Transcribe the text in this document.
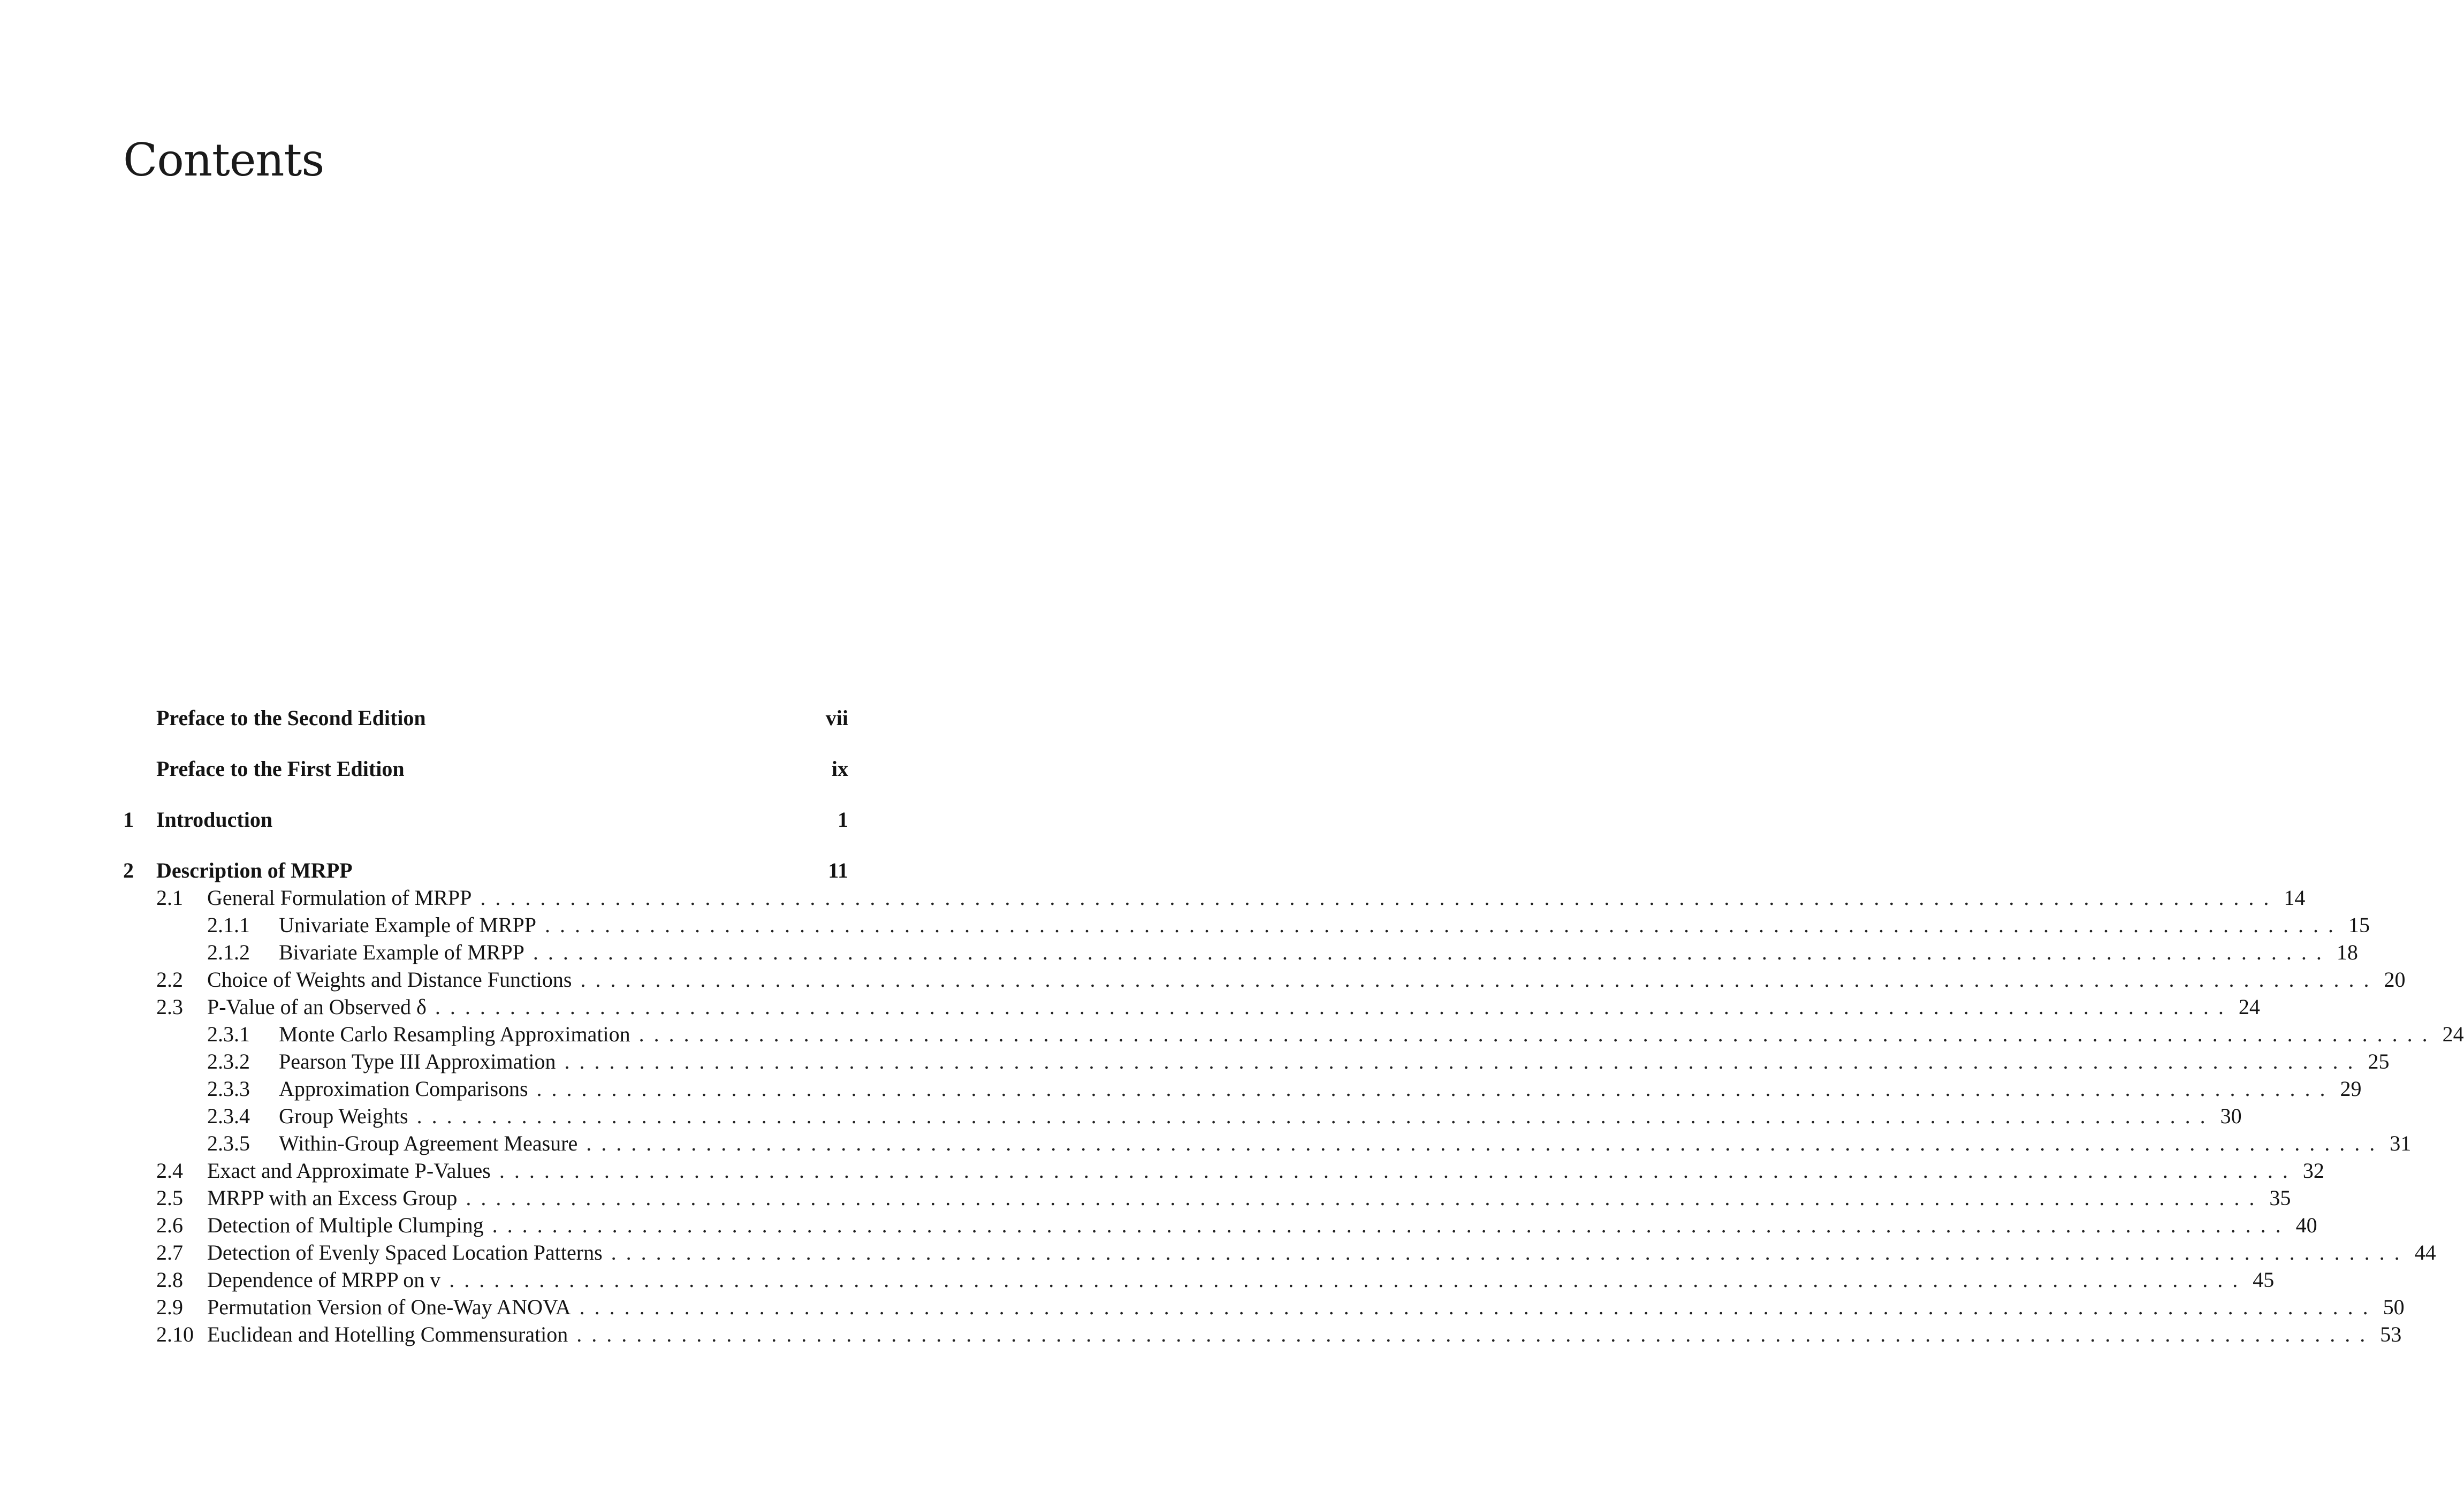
Contents
Preface to the Second Edition	vii
Preface to the First Edition	ix
1	Introduction	1
2	Description of MRPP	11
2.1	General Formulation of MRPP ........................................................................................................................ 14
2.1.1	Univariate Example of MRPP ........................................................................................................................ 15
2.1.2	Bivariate Example of MRPP ........................................................................................................................ 18
2.2	Choice of Weights and Distance Functions ........................................................................................................................ 20
2.3	P-Value of an Observed δ ........................................................................................................................ 24
2.3.1	Monte Carlo Resampling Approximation ........................................................................................................................ 24
2.3.2	Pearson Type III Approximation ........................................................................................................................ 25
2.3.3	Approximation Comparisons ........................................................................................................................ 29
2.3.4	Group Weights ........................................................................................................................ 30
2.3.5	Within-Group Agreement Measure ........................................................................................................................ 31
2.4	Exact and Approximate P-Values ........................................................................................................................ 32
2.5	MRPP with an Excess Group ........................................................................................................................ 35
2.6	Detection of Multiple Clumping ........................................................................................................................ 40
2.7	Detection of Evenly Spaced Location Patterns ........................................................................................................................ 44
2.8	Dependence of MRPP on v ........................................................................................................................ 45
2.9	Permutation Version of One-Way ANOVA ........................................................................................................................ 50
2.10 Euclidean and Hotelling Commensuration ........................................................................................................................ 53
